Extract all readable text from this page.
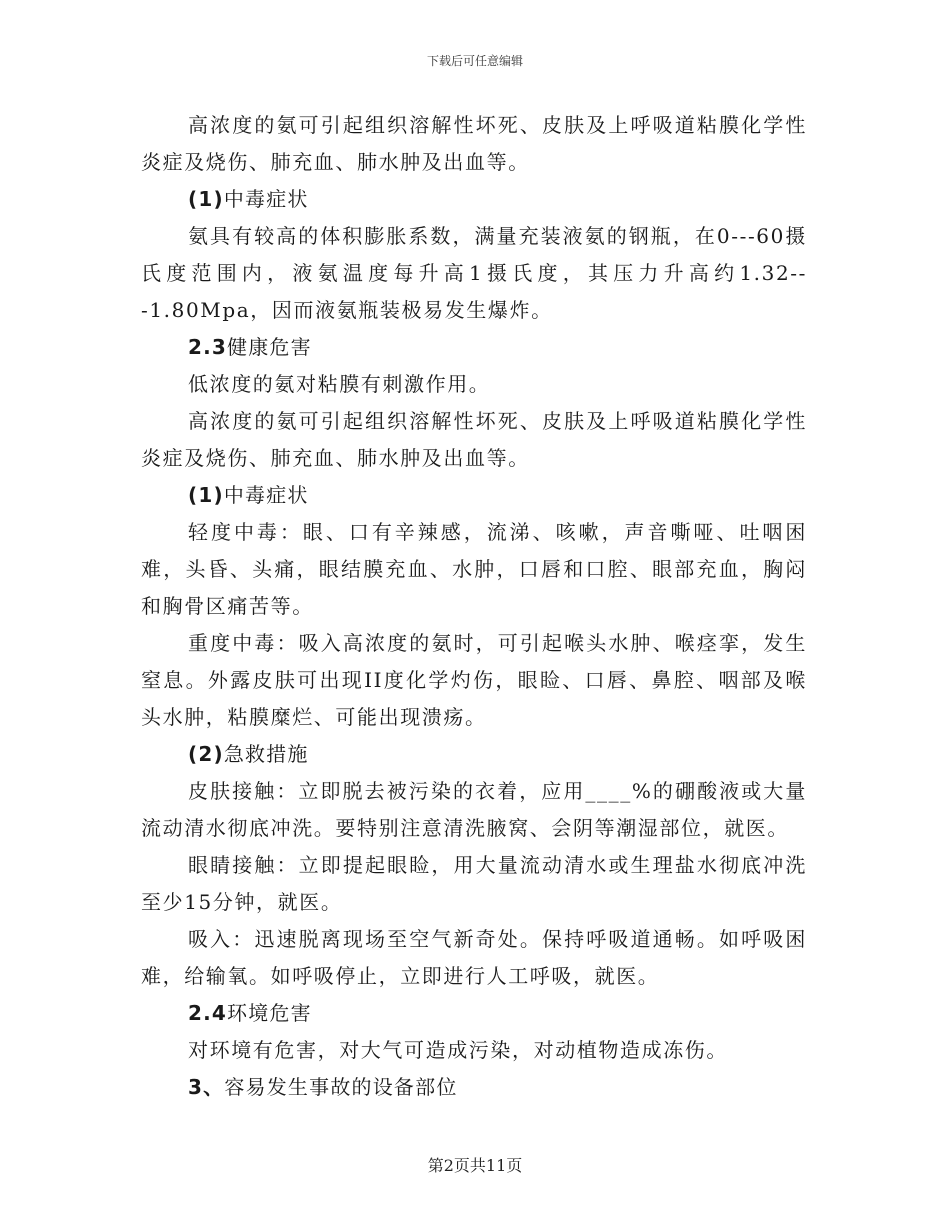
下载后可任意编辑

高浓度的氨可引起组织溶解性坏死、皮肤及上呼吸道粘膜化学性炎症及烧伤、肺充血、肺水肿及出血等。

(1)中毒症状

氨具有较高的体积膨胀系数，满量充装液氨的钢瓶，在0---60摄氏度范围内，液氨温度每升高1摄氏度，其压力升高约1.32---1.80Mpa，因而液氨瓶装极易发生爆炸。

2.3健康危害

低浓度的氨对粘膜有刺激作用。

高浓度的氨可引起组织溶解性坏死、皮肤及上呼吸道粘膜化学性炎症及烧伤、肺充血、肺水肿及出血等。

(1)中毒症状

轻度中毒：眼、口有辛辣感，流涕、咳嗽，声音嘶哑、吐咽困难，头昏、头痛，眼结膜充血、水肿，口唇和口腔、眼部充血，胸闷和胸骨区痛苦等。

重度中毒：吸入高浓度的氨时，可引起喉头水肿、喉痉挛，发生窒息。外露皮肤可出现II度化学灼伤，眼睑、口唇、鼻腔、咽部及喉头水肿，粘膜糜烂、可能出现溃疡。

(2)急救措施

皮肤接触：立即脱去被污染的衣着，应用____%的硼酸液或大量流动清水彻底冲洗。要特别注意清洗腋窝、会阴等潮湿部位，就医。

眼睛接触：立即提起眼睑，用大量流动清水或生理盐水彻底冲洗至少15分钟，就医。

吸入：迅速脱离现场至空气新奇处。保持呼吸道通畅。如呼吸困难，给输氧。如呼吸停止，立即进行人工呼吸，就医。

2.4环境危害

对环境有危害，对大气可造成污染，对动植物造成冻伤。

3、容易发生事故的设备部位

第2页共11页
